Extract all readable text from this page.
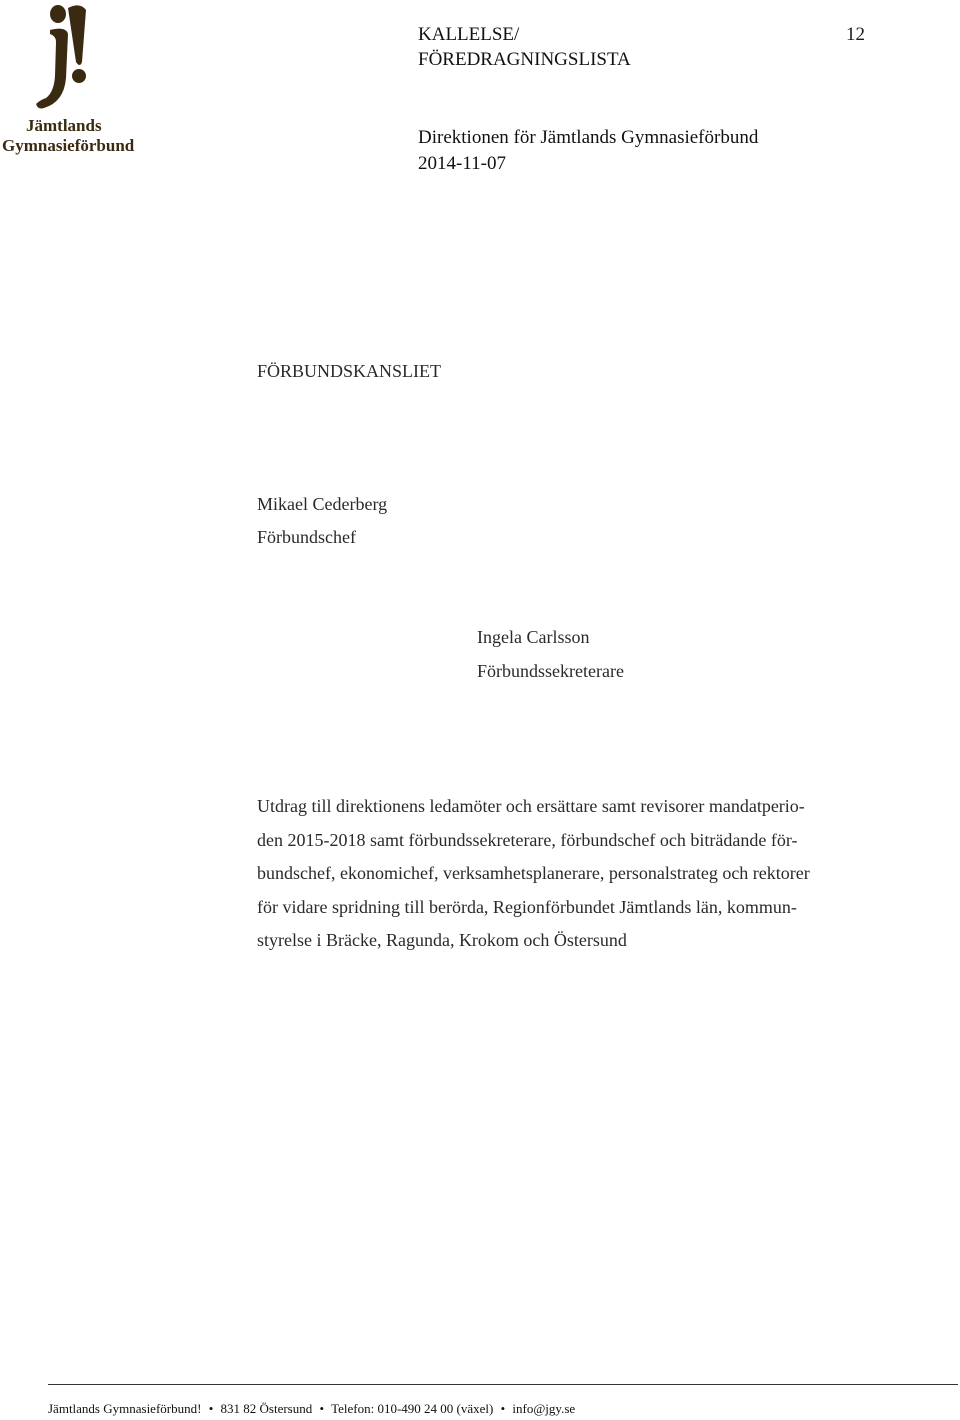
Jämtlands
Gymnasieförbund
KALLELSE/
FÖREDRAGNINGSLISTA
12
Direktionen för Jämtlands Gymnasieförbund
2014-11-07
FÖRBUNDSKANSLIET
Mikael Cederberg
Förbundschef
Ingela Carlsson
Förbundssekreterare
Utdrag till direktionens ledamöter och ersättare samt revisorer mandatperio-
den 2015-2018 samt förbundssekreterare, förbundschef och biträdande för-
bundschef, ekonomichef, verksamhetsplanerare, personalstrateg och rektorer
för vidare spridning till berörda, Regionförbundet Jämtlands län, kommun-
styrelse i Bräcke, Ragunda, Krokom och Östersund
Jämtlands Gymnasieförbund! • 831 82 Östersund • Telefon: 010-490 24 00 (växel) • info@jgy.se
